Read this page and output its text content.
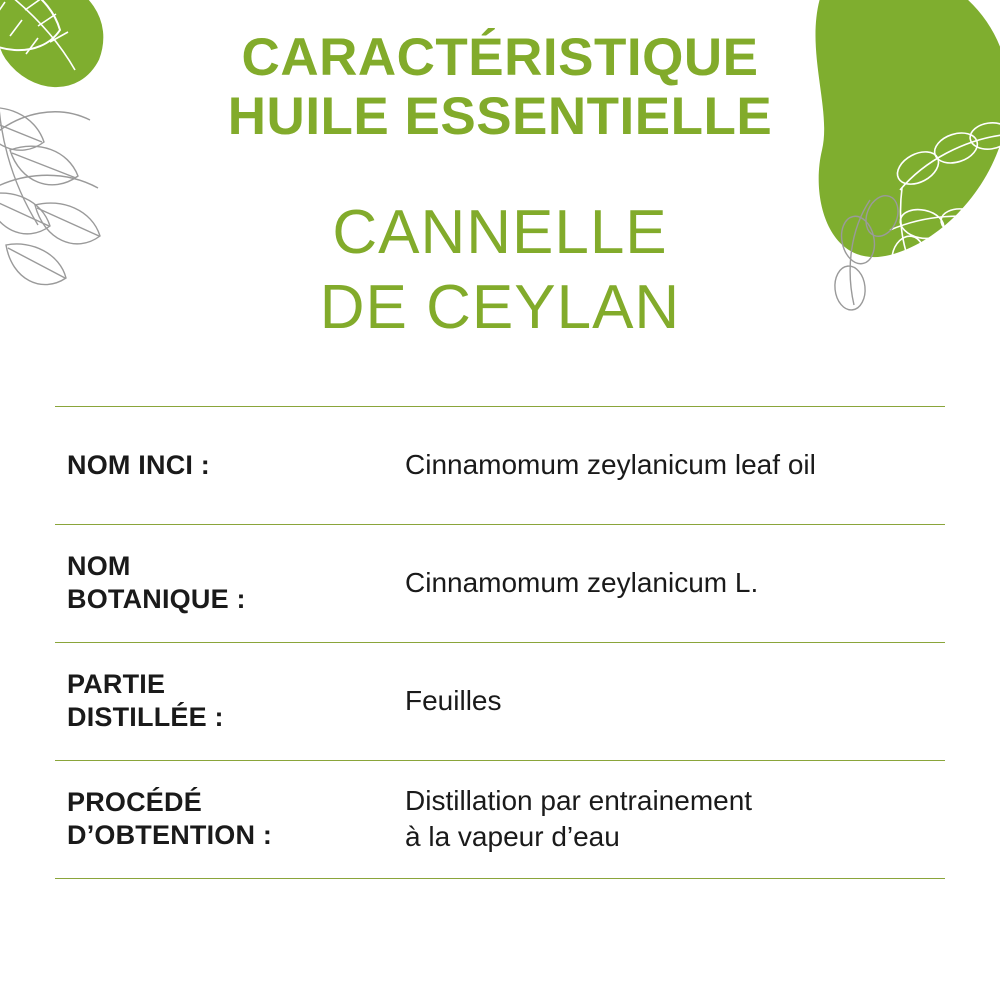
CARACTÉRISTIQUE
HUILE ESSENTIELLE
CANNELLE
DE CEYLAN
NOM INCI :	Cinnamomum zeylanicum leaf oil
NOM
BOTANIQUE :
Cinnamomum zeylanicum L.
PARTIE
DISTILLÉE :
Feuilles
PROCÉDÉ
D’OBTENTION :
Distillation par entrainement
à la vapeur d’eau
